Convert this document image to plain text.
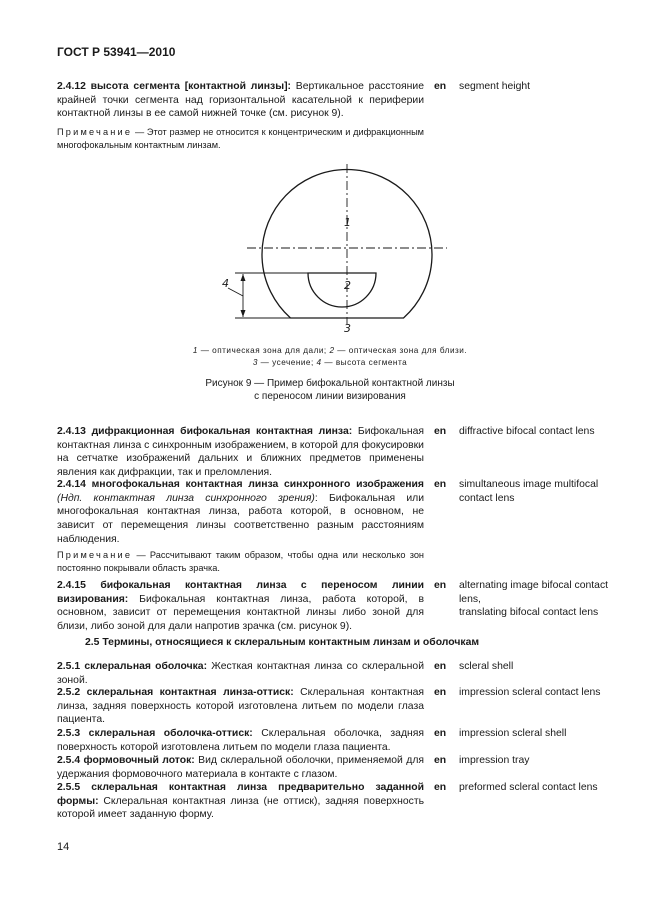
ГОСТ Р 53941—2010
2.4.12 высота сегмента [контактной линзы]: Вертикальное расстояние крайней точки сегмента над горизонтальной касательной к периферии контактной линзы в ее самой нижней точке (см. рисунок 9).
en segment height
Примечание — Этот размер не относится к концентрическим и дифракционным многофокальным контактным линзам.
1
2
3
4
1 — оптическая зона для дали; 2 — оптическая зона для близи.
3 — усечение; 4 — высота сегмента
Рисунок 9 — Пример бифокальной контактной линзы
с переносом линии визирования
2.4.13 дифракционная бифокальная контактная линза: Бифокальная контактная линза с синхронным изображением, в которой для фокусировки на сетчатке изображений дальних и ближних предметов применены явления как дифракции, так и преломления.
en diffractive bifocal contact lens
2.4.14 многофокальная контактная линза синхронного изображения (Ндп. контактная линза синхронного зрения): Бифокальная или многофокальная контактная линза, работа которой, в основном, не зависит от перемещения линзы соответственно разным расстояниям наблюдения.
en simultaneous image multifocal contact lens
Примечание — Рассчитывают таким образом, чтобы одна или несколько зон постоянно покрывали область зрачка.
2.4.15 бифокальная контактная линза с переносом линии визирования: Бифокальная контактная линза, работа которой, в основном, зависит от перемещения контактной линзы либо зоной для близи, либо зоной для дали напротив зрачка (см. рисунок 9).
en alternating image bifocal contact lens,
translating bifocal contact lens
2.5 Термины, относящиеся к склеральным контактным линзам и оболочкам
2.5.1 склеральная оболочка: Жесткая контактная линза со склеральной зоной.
en scleral shell
2.5.2 склеральная контактная линза-оттиск: Склеральная контактная линза, задняя поверхность которой изготовлена литьем по модели глаза пациента.
en impression scleral contact lens
2.5.3 склеральная оболочка-оттиск: Склеральная оболочка, задняя поверхность которой изготовлена литьем по модели глаза пациента.
en impression scleral shell
2.5.4 формовочный лоток: Вид склеральной оболочки, применяемой для удержания формовочного материала в контакте с глазом.
en impression tray
2.5.5 склеральная контактная линза предварительно заданной формы: Склеральная контактная линза (не оттиск), задняя поверхность которой имеет заданную форму.
en preformed scleral contact lens
14
